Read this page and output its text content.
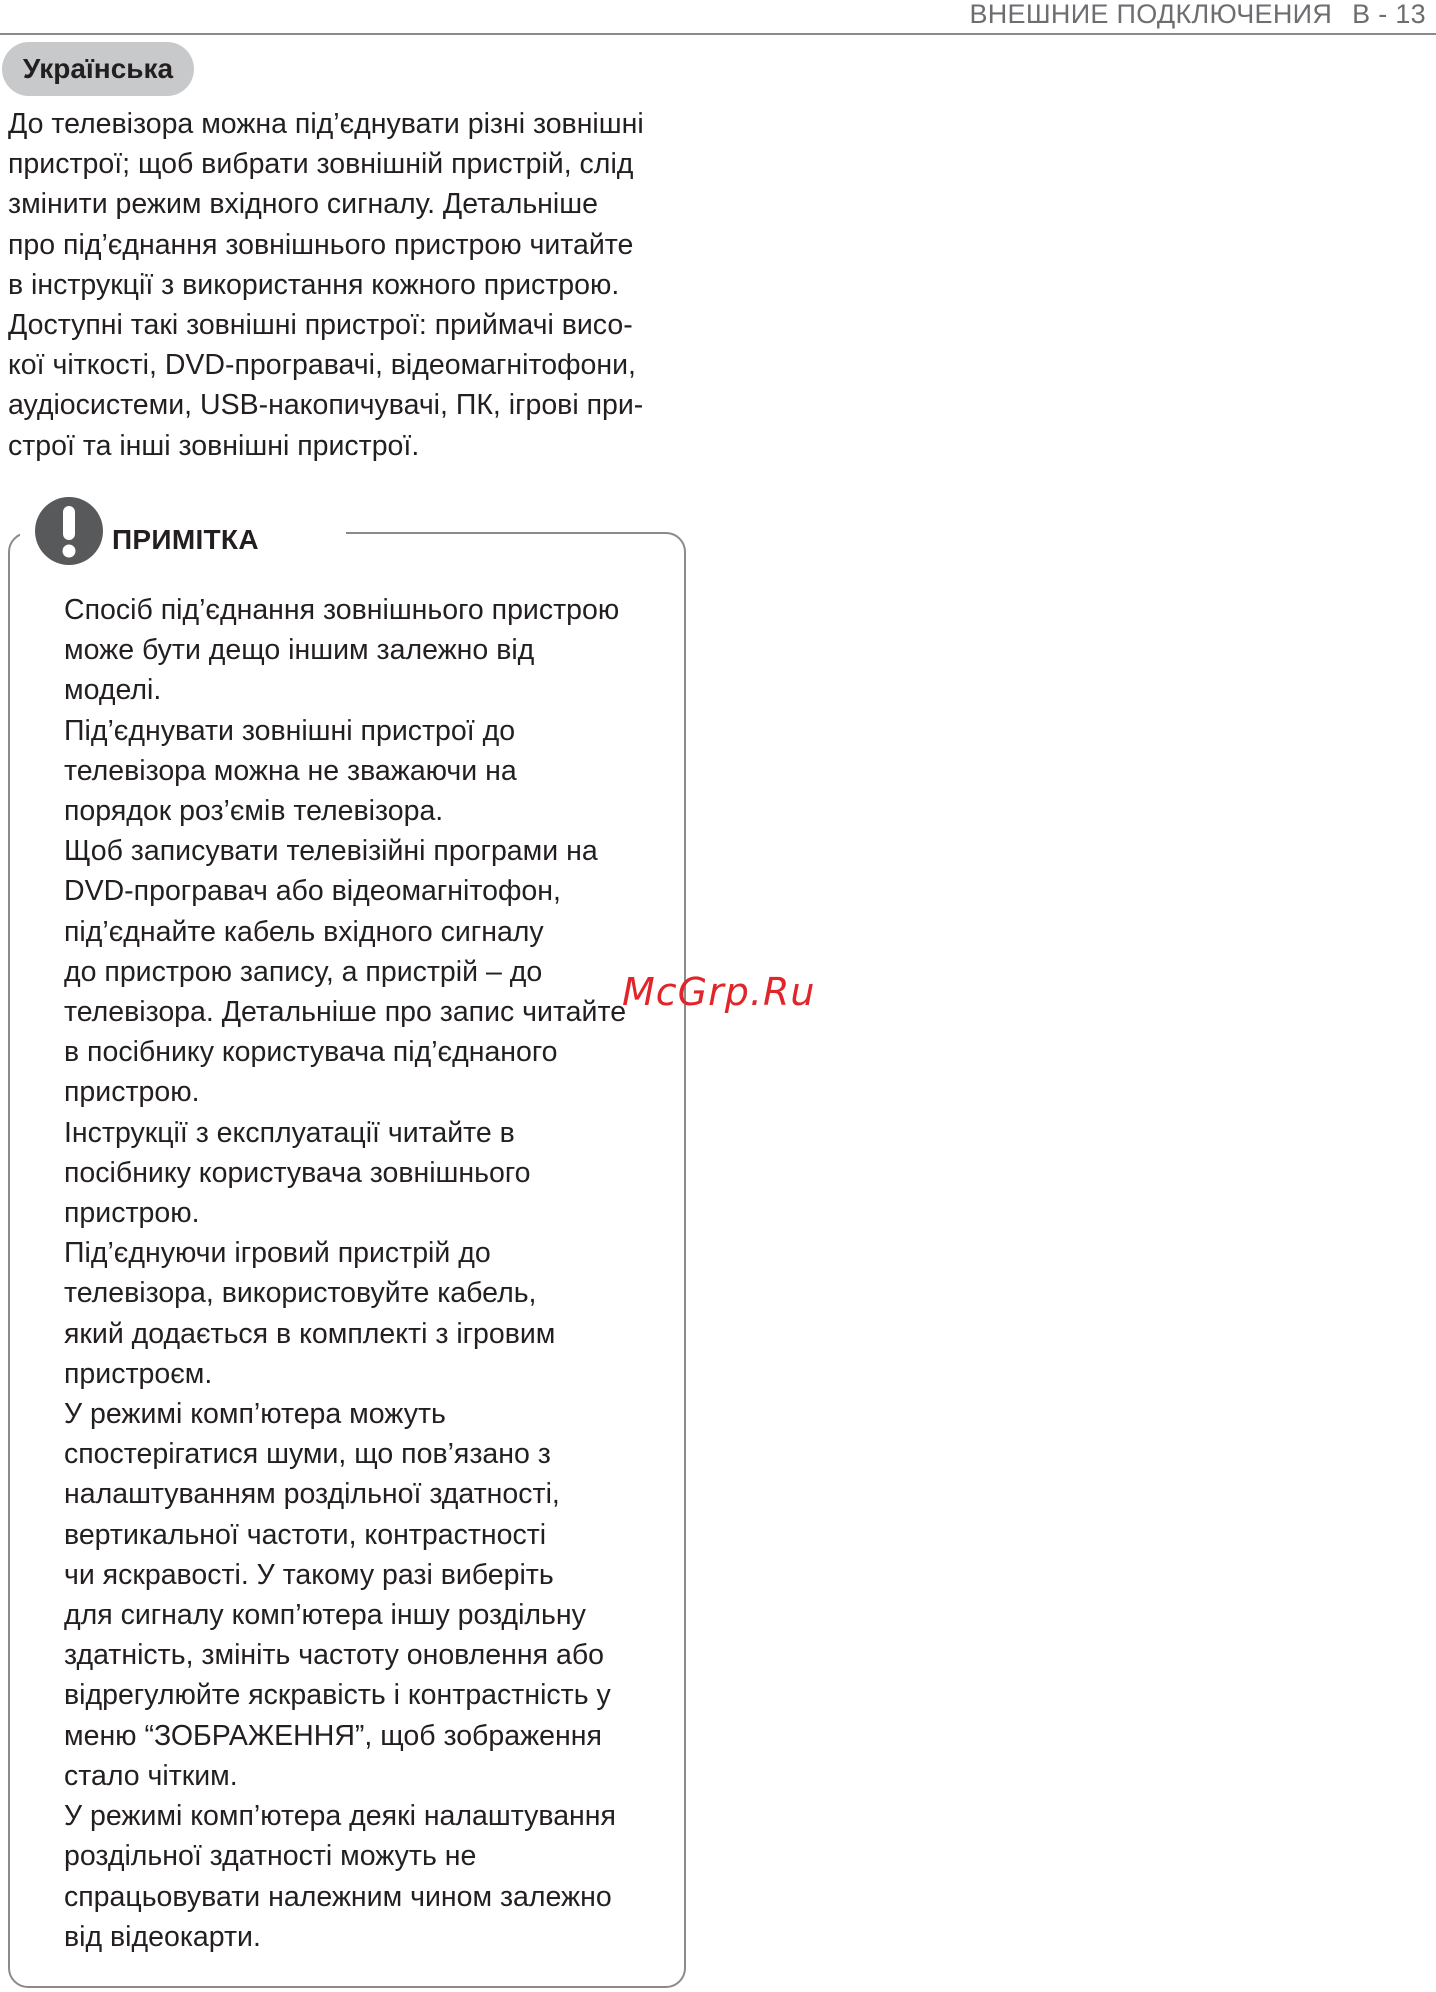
ВНЕШНИЕ ПОДКЛЮЧЕНИЯ В - 13
Українська
До телевізора можна під’єднувати різні зовнішні
пристрої; щоб вибрати зовнішній пристрій, слід
змінити режим вхідного сигналу. Детальніше
про під’єднання зовнішнього пристрою читайте
в інструкції з використання кожного пристрою.
Доступні такі зовнішні пристрої: приймачі висо-
кої чіткості, DVD-програвачі, відеомагнітофони,
аудіосистеми, USB-накопичувачі, ПК, ігрові при-
строї та інші зовнішні пристрої.
ПРИМІТКА
Спосіб під’єднання зовнішнього пристрою
може бути дещо іншим залежно від
моделі.
Під’єднувати зовнішні пристрої до
телевізора можна не зважаючи на
порядок роз’ємів телевізора.
Щоб записувати телевізійні програми на
DVD-програвач або відеомагнітофон,
під’єднайте кабель вхідного сигналу
до пристрою запису, а пристрій – до
телевізора. Детальніше про запис читайте
в посібнику користувача під’єднаного
пристрою.
Інструкції з експлуатації читайте в
посібнику користувача зовнішнього
пристрою.
Під’єднуючи ігровий пристрій до
телевізора, використовуйте кабель,
який додається в комплекті з ігровим
пристроєм.
У режимі комп’ютера можуть
спостерігатися шуми, що пов’язано з
налаштуванням роздільної здатності,
вертикальної частоти, контрастності
чи яскравості. У такому разі виберіть
для сигналу комп’ютера іншу роздільну
здатність, змініть частоту оновлення або
відрегулюйте яскравість і контрастність у
меню “ЗОБРАЖЕННЯ”, щоб зображення
стало чітким.
У режимі комп’ютера деякі налаштування
роздільної здатності можуть не
спрацьовувати належним чином залежно
від відеокарти.
McGrp.Ru
